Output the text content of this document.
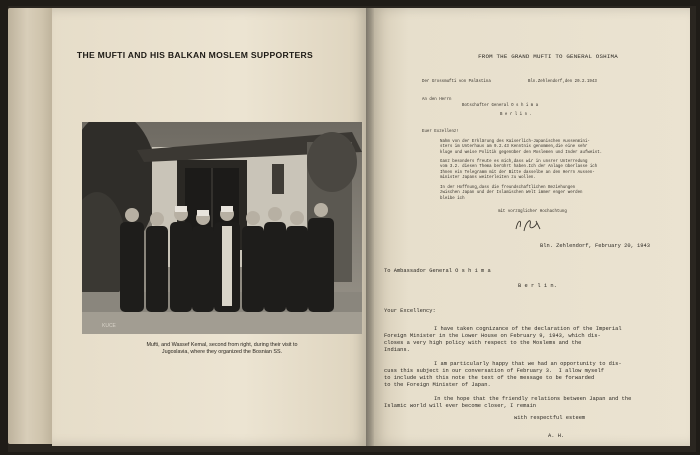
THE MUFTI AND HIS BALKAN MOSLEM SUPPORTERS
KUCE
Mufti, and Wassef Kemal, second from right, during their visit to
Jugoslavia, where they organized the Bosnian SS.
FROM THE GRAND MUFTI TO GENERAL OSHIMA
Der Grossmufti von Palästina	Bln.Zehlendorf,den 20.2.1943
An den Herrn
Botschafter General O s h i m a
B e r l i n .
Euer Exzellenz!
Nahm von der Erklärung des Kaiserlich-Japanischen Aussenmini-
sters im Unterhaus am 9.2.43 Kenntnis genommen,die eine sehr
kluge und weise Politik gegenüber den Moslemen und Inder aufweist.
Ganz besonders freute es mich,dass wir in unsrer Unterredung
vom 3.2. diesen Thema berührt haben.Ich der Anlage überlasse ich
Ihnen ein Telegramm mit der Bitte dasselbe an den Herrn Aussen-
minister Japans weiterleiten zu wollen.
In der Hoffnung,dass die freundschaftlichen Beziehungen
zwischen Japan und der Islamischen Welt immer enger werden
bleibe ich
mit vorzüglicher Hochachtung
Bln. Zehlendorf, February 20, 1943
To Ambassador General O s h i m a
B e r l i n.
Your Excellency:
I have taken cognizance of the declaration of the Imperial
Foreign Minister in the Lower House on February 9, 1943, which dis-
closes a very high policy with respect to the Moslems and the
Indians.
I am particularly happy that we had an opportunity to dis-
cuss this subject in our conversation of February 3.  I allow myself
to include with this note the text of the message to be forwarded
to the Foreign Minister of Japan.
In the hope that the friendly relations between Japan and the
Islamic world will ever become closer, I remain
with respectful esteem
A. H.
